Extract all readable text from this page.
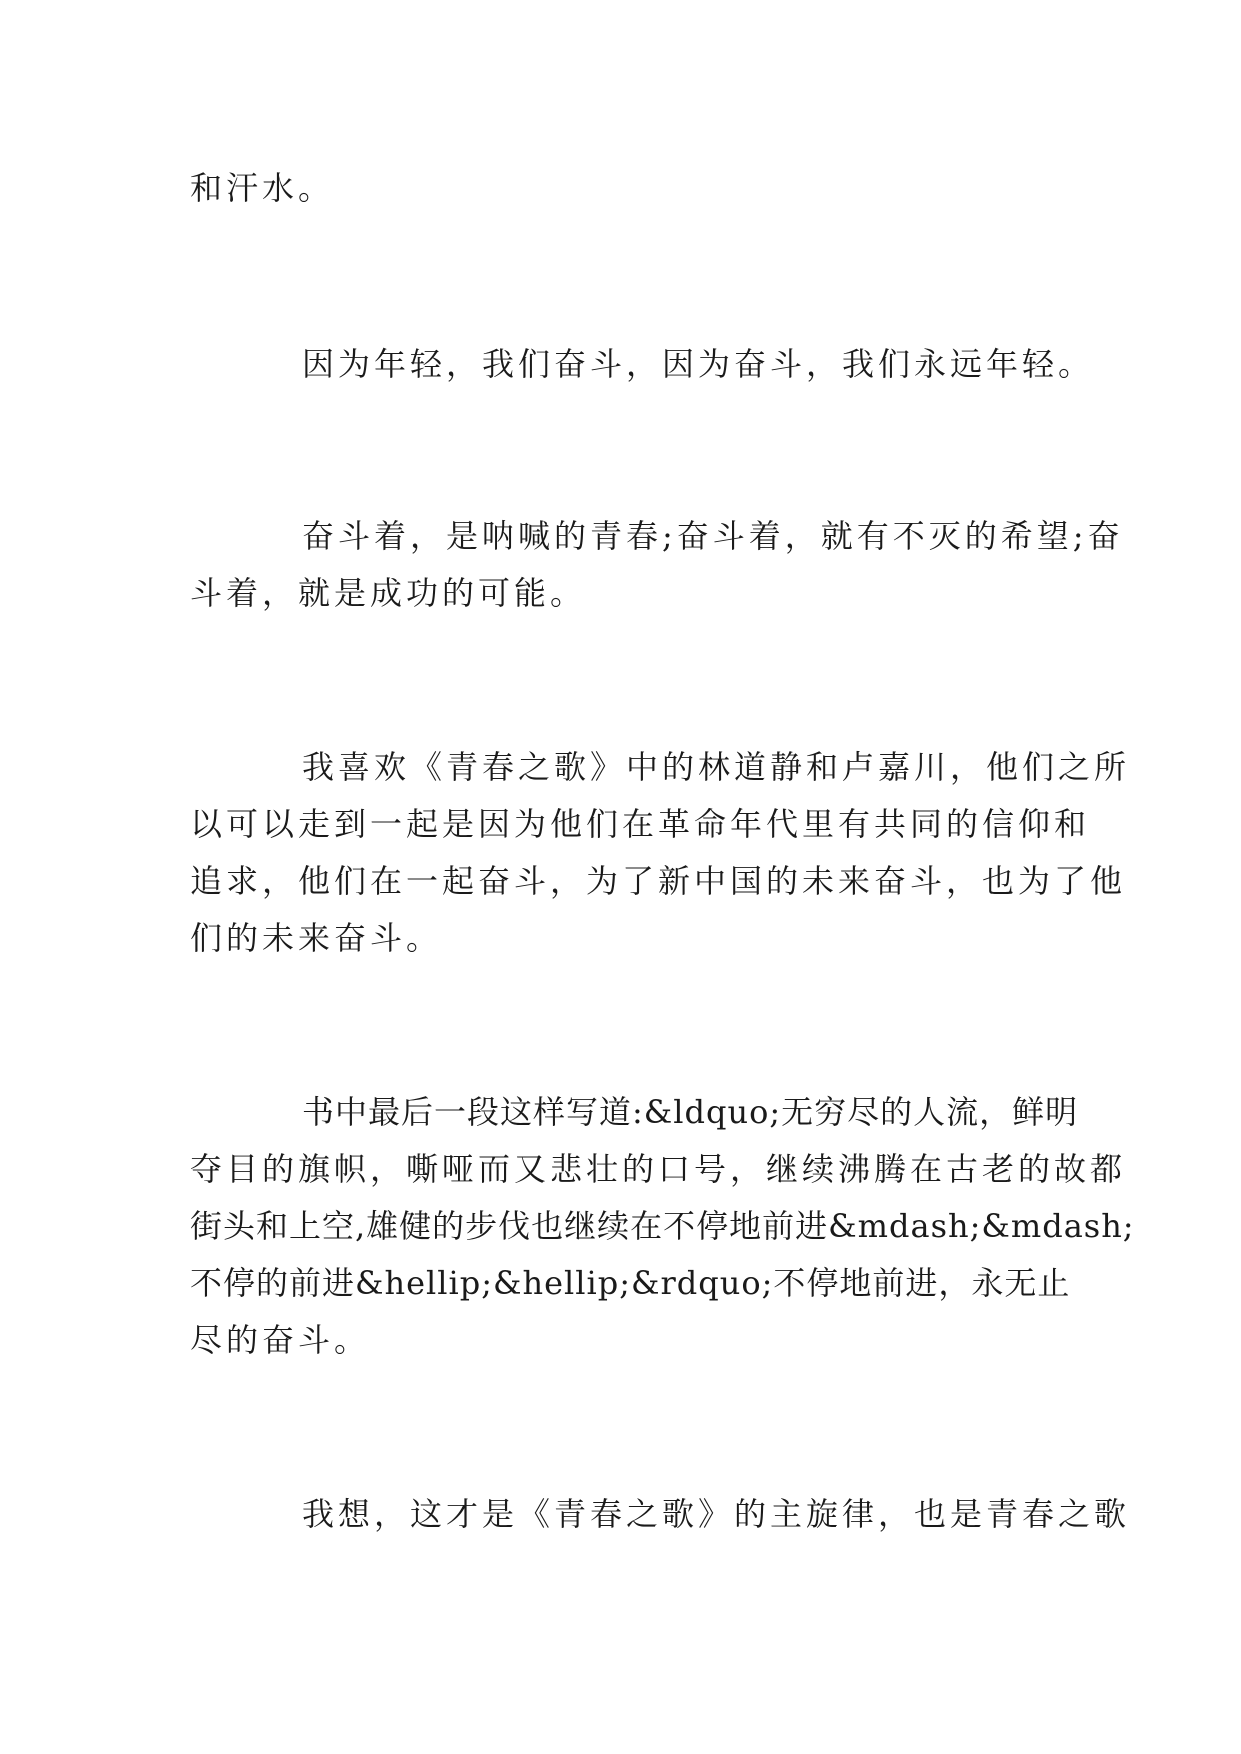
和汗水。
因为年轻，我们奋斗，因为奋斗，我们永远年轻。
奋斗着，是呐喊的青春;奋斗着，就有不灭的希望;奋
斗着，就是成功的可能。
我喜欢《青春之歌》中的林道静和卢嘉川，他们之所
以可以走到一起是因为他们在革命年代里有共同的信仰和
追求，他们在一起奋斗，为了新中国的未来奋斗，也为了他
们的未来奋斗。
书中最后一段这样写道:&ldquo;无穷尽的人流，鲜明
夺目的旗帜，嘶哑而又悲壮的口号，继续沸腾在古老的故都
街头和上空,雄健的步伐也继续在不停地前进&mdash;&mdash;
不停的前进&hellip;&hellip;&rdquo;不停地前进，永无止
尽的奋斗。
我想，这才是《青春之歌》的主旋律，也是青春之歌
